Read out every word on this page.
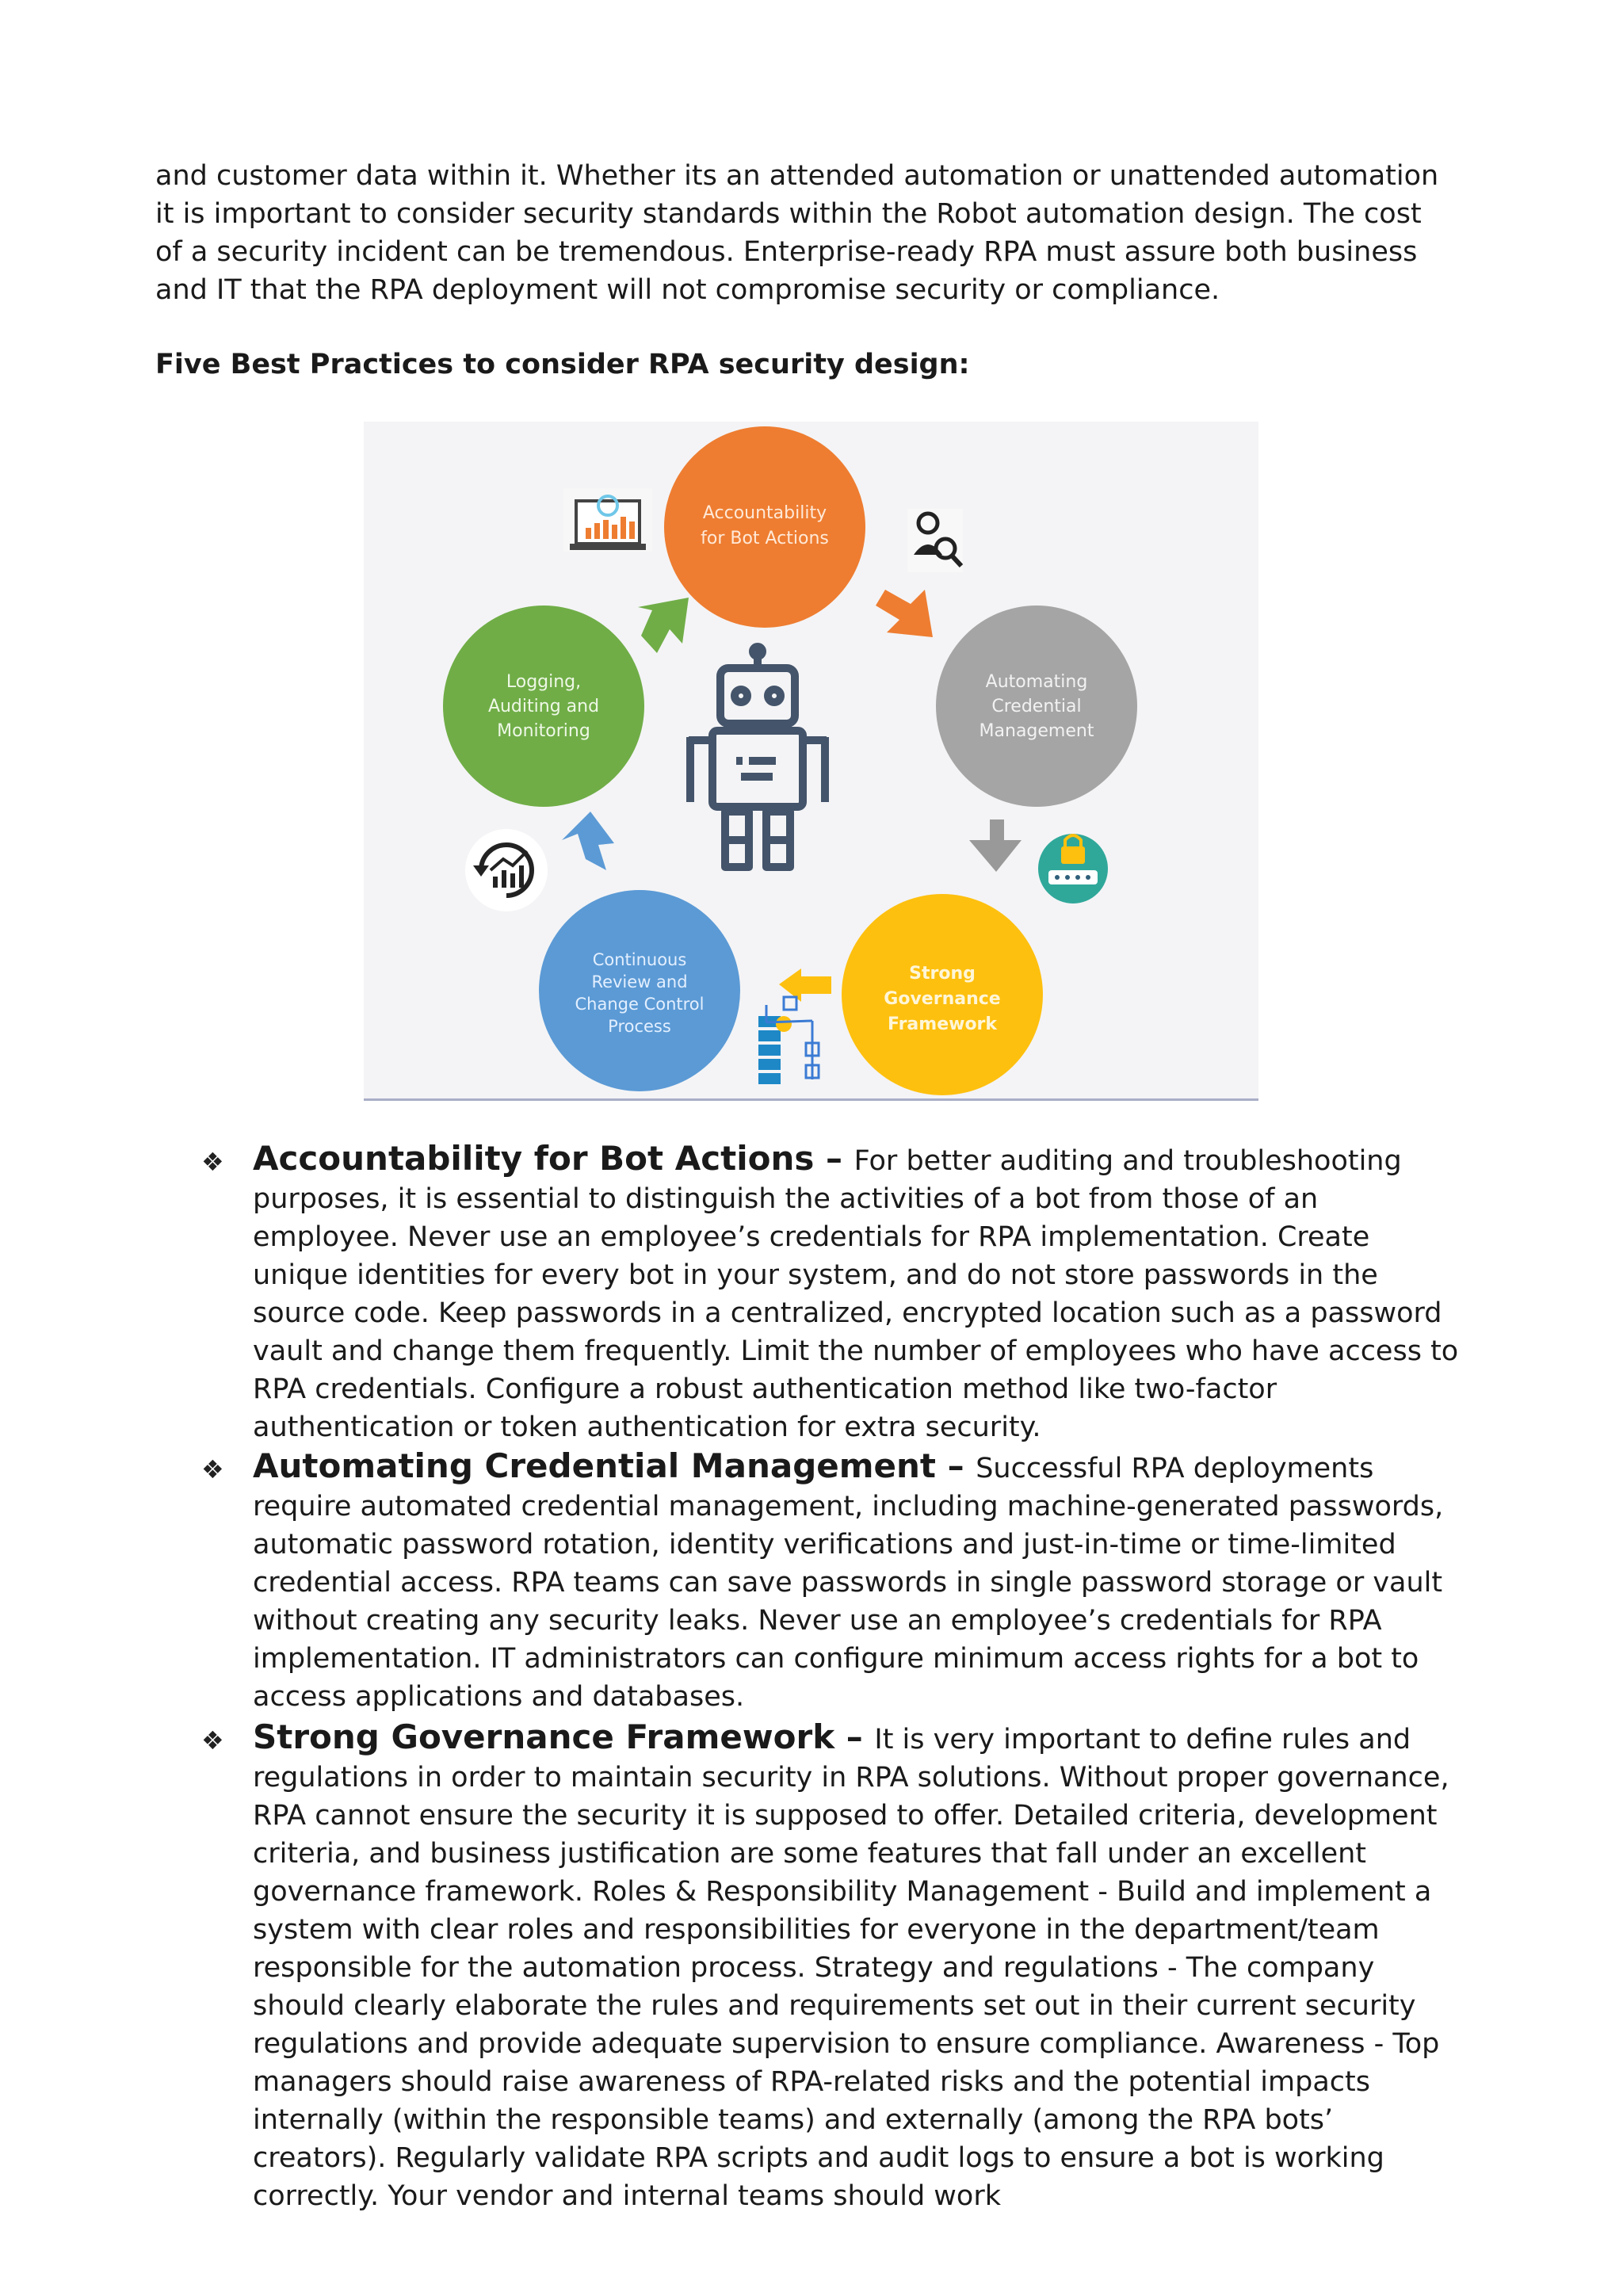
and customer data within it. Whether its an attended automation or unattended automation it is important to consider security standards within the Robot automation design. The cost of a security incident can be tremendous. Enterprise-ready RPA must assure both business and IT that the RPA deployment will not compromise security or compliance.

Five Best Practices to consider RPA security design:

Accountability
for Bot Actions
Automating
Credential
Management
Strong
Governance
Framework
Continuous
Review and
Change Control
Process
Logging,
Auditing and
Monitoring
❖ Accountability for Bot Actions – For better auditing and troubleshooting purposes, it is essential to distinguish the activities of a bot from those of an employee. Never use an employee’s credentials for RPA implementation. Create unique identities for every bot in your system, and do not store passwords in the source code. Keep passwords in a centralized, encrypted location such as a password vault and change them frequently. Limit the number of employees who have access to RPA credentials. Configure a robust authentication method like two-factor authentication or token authentication for extra security.
❖ Automating Credential Management – Successful RPA deployments require automated credential management, including machine-generated passwords, automatic password rotation, identity verifications and just-in-time or time-limited credential access. RPA teams can save passwords in single password storage or vault without creating any security leaks. Never use an employee’s credentials for RPA implementation. IT administrators can configure minimum access rights for a bot to access applications and databases.
❖ Strong Governance Framework – It is very important to define rules and regulations in order to maintain security in RPA solutions. Without proper governance, RPA cannot ensure the security it is supposed to offer. Detailed criteria, development criteria, and business justification are some features that fall under an excellent governance framework. Roles & Responsibility Management - Build and implement a system with clear roles and responsibilities for everyone in the department/team responsible for the automation process. Strategy and regulations - The company should clearly elaborate the rules and requirements set out in their current security regulations and provide adequate supervision to ensure compliance. Awareness - Top managers should raise awareness of RPA-related risks and the potential impacts internally (within the responsible teams) and externally (among the RPA bots’ creators). Regularly validate RPA scripts and audit logs to ensure a bot is working correctly. Your vendor and internal teams should work
